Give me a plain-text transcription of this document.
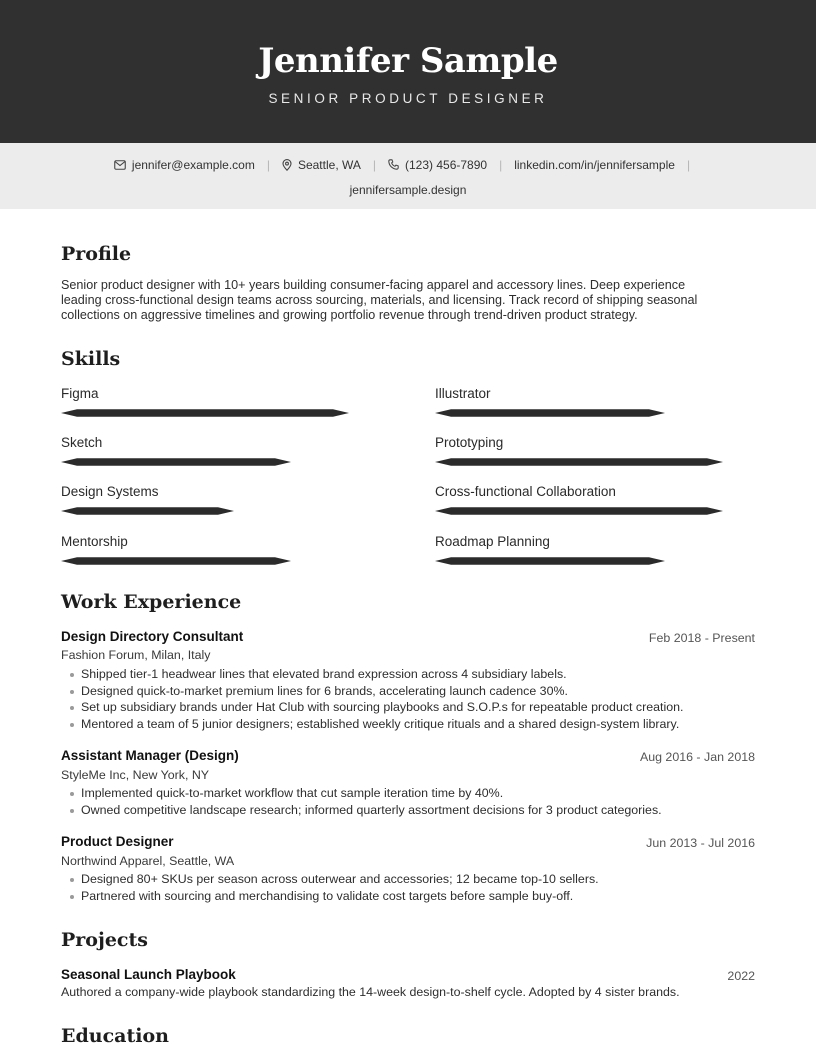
Jennifer Sample
SENIOR PRODUCT DESIGNER
jennifer@example.com | Seattle, WA | (123) 456-7890 | linkedin.com/in/jennifersample |
jennifersample.design
Profile
Senior product designer with 10+ years building consumer-facing apparel and accessory lines. Deep experience
leading cross-functional design teams across sourcing, materials, and licensing. Track record of shipping seasonal
collections on aggressive timelines and growing portfolio revenue through trend-driven product strategy.
Skills
Figma	Illustrator
Sketch	Prototyping
Design Systems	Cross-functional Collaboration
Mentorship	Roadmap Planning
Work Experience
Design Directory Consultant	Feb 2018 - Present
Fashion Forum, Milan, Italy
Shipped tier-1 headwear lines that elevated brand expression across 4 subsidiary labels.
Designed quick-to-market premium lines for 6 brands, accelerating launch cadence 30%.
Set up subsidiary brands under Hat Club with sourcing playbooks and S.O.P.s for repeatable product creation.
Mentored a team of 5 junior designers; established weekly critique rituals and a shared design-system library.
Assistant Manager (Design)	Aug 2016 - Jan 2018
StyleMe Inc, New York, NY
Implemented quick-to-market workflow that cut sample iteration time by 40%.
Owned competitive landscape research; informed quarterly assortment decisions for 3 product categories.
Product Designer	Jun 2013 - Jul 2016
Northwind Apparel, Seattle, WA
Designed 80+ SKUs per season across outerwear and accessories; 12 became top-10 sellers.
Partnered with sourcing and merchandising to validate cost targets before sample buy-off.
Projects
Seasonal Launch Playbook	2022
Authored a company-wide playbook standardizing the 14-week design-to-shelf cycle. Adopted by 4 sister brands.
Education
